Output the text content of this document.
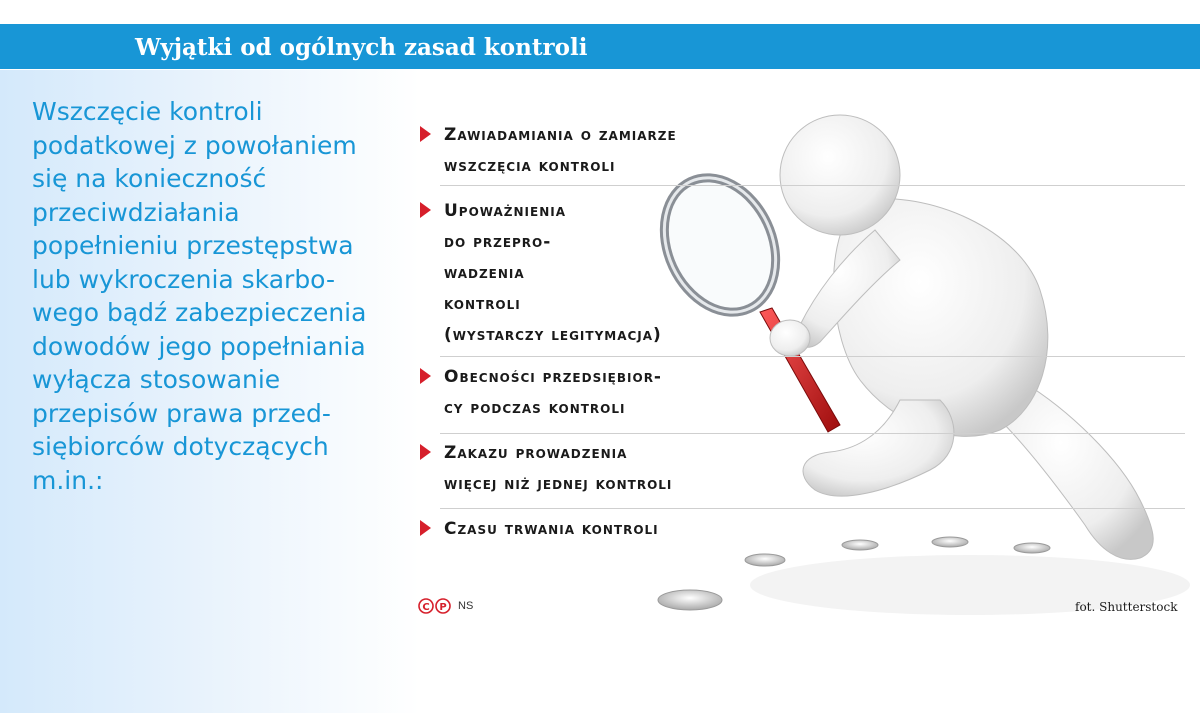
Wyjątki od ogólnych zasad kontroli
Wszczęcie kontroli
podatkowej z powołaniem
się na konieczność
przeciwdziałania
popełnieniu przestępstwa
lub wykroczenia skarbo-
wego bądź zabezpieczenia
dowodów jego popełniania
wyłącza stosowanie
przepisów prawa przed-
siębiorców dotyczących
m.in.:
Zawiadamiania o zamiarze
wszczęcia kontroli
Upoważnienia
do przepro-
wadzenia
kontroli
(wystarczy legitymacja)
Obecności przedsiębior-
cy podczas kontroli
Zakazu prowadzenia
więcej niż jednej kontroli
Czasu trwania kontroli
C P NS	fot. Shutterstock
